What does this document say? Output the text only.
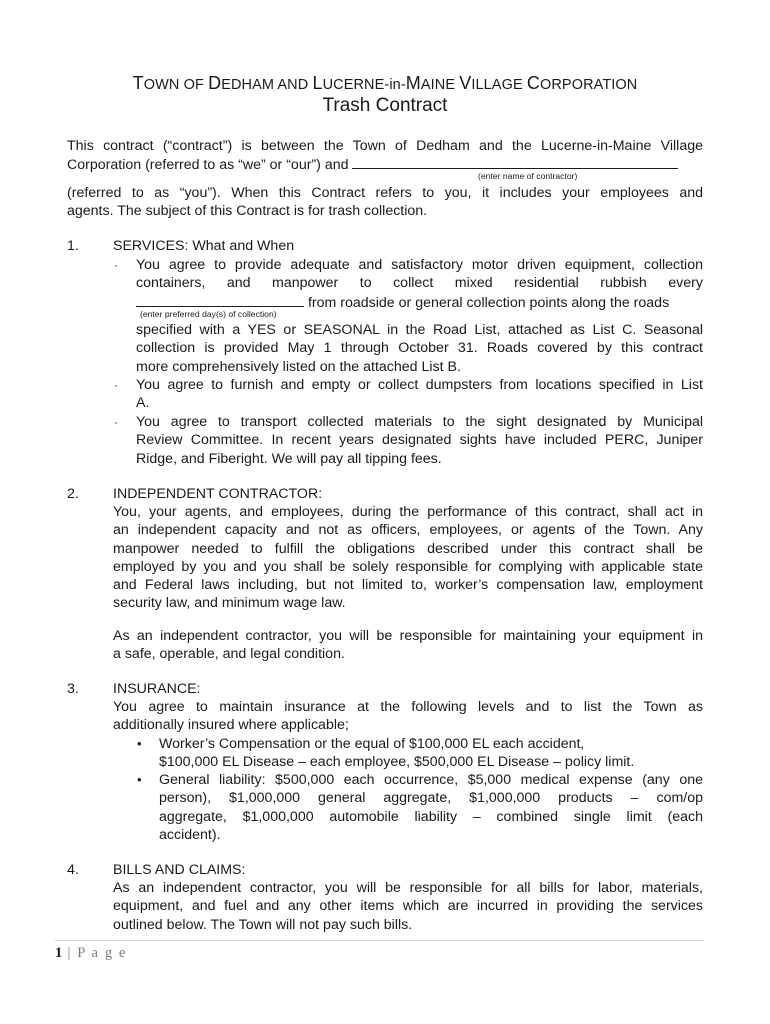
TOWN OF DEDHAM AND LUCERNE-in-MAINE VILLAGE CORPORATION
Trash Contract
This contract (“contract”) is between the Town of Dedham and the Lucerne-in-Maine Village
Corporation (referred to as “we” or “our”) and
(enter name of contractor)
(referred to as “you”). When this Contract refers to you, it includes your employees and
agents. The subject of this Contract is for trash collection.
1. SERVICES: What and When
· You agree to provide adequate and satisfactory motor driven equipment, collection
containers, and manpower to collect mixed residential rubbish every
from roadside or general collection points along the roads
(enter preferred day(s) of collection)
specified with a YES or SEASONAL in the Road List, attached as List C. Seasonal
collection is provided May 1 through October 31. Roads covered by this contract
more comprehensively listed on the attached List B.
· You agree to furnish and empty or collect dumpsters from locations specified in List
A.
· You agree to transport collected materials to the sight designated by Municipal
Review Committee. In recent years designated sights have included PERC, Juniper
Ridge, and Fiberight. We will pay all tipping fees.
2. INDEPENDENT CONTRACTOR:
You, your agents, and employees, during the performance of this contract, shall act in
an independent capacity and not as officers, employees, or agents of the Town. Any
manpower needed to fulfill the obligations described under this contract shall be
employed by you and you shall be solely responsible for complying with applicable state
and Federal laws including, but not limited to, worker’s compensation law, employment
security law, and minimum wage law.
As an independent contractor, you will be responsible for maintaining your equipment in
a safe, operable, and legal condition.
3. INSURANCE:
You agree to maintain insurance at the following levels and to list the Town as
additionally insured where applicable;
• Worker’s Compensation or the equal of $100,000 EL each accident,
$100,000 EL Disease – each employee, $500,000 EL Disease – policy limit.
• General liability: $500,000 each occurrence, $5,000 medical expense (any one
person), $1,000,000 general aggregate, $1,000,000 products – com/op
aggregate, $1,000,000 automobile liability – combined single limit (each
accident).
4. BILLS AND CLAIMS:
As an independent contractor, you will be responsible for all bills for labor, materials,
equipment, and fuel and any other items which are incurred in providing the services
outlined below. The Town will not pay such bills.
1 | P a g e
